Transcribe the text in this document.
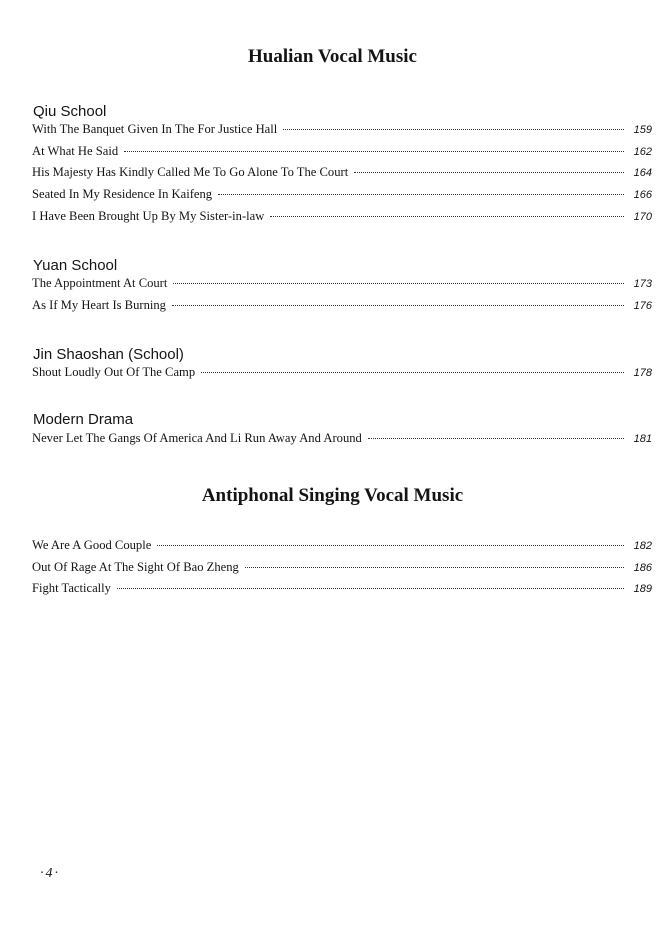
Hualian Vocal Music
Qiu School
With The Banquet Given In The For Justice Hall	159
At What He Said	162
His Majesty Has Kindly Called Me To Go Alone To The Court	164
Seated In My Residence In Kaifeng	166
I Have Been Brought Up By My Sister-in-law	170
Yuan School
The Appointment At Court	173
As If My Heart Is Burning	176
Jin Shaoshan (School)
Shout Loudly Out Of The Camp	178
Modern Drama
Never Let The Gangs Of America And Li Run Away And Around	181
Antiphonal Singing Vocal Music
We Are A Good Couple	182
Out Of Rage At The Sight Of Bao Zheng	186
Fight Tactically	189
·4·
